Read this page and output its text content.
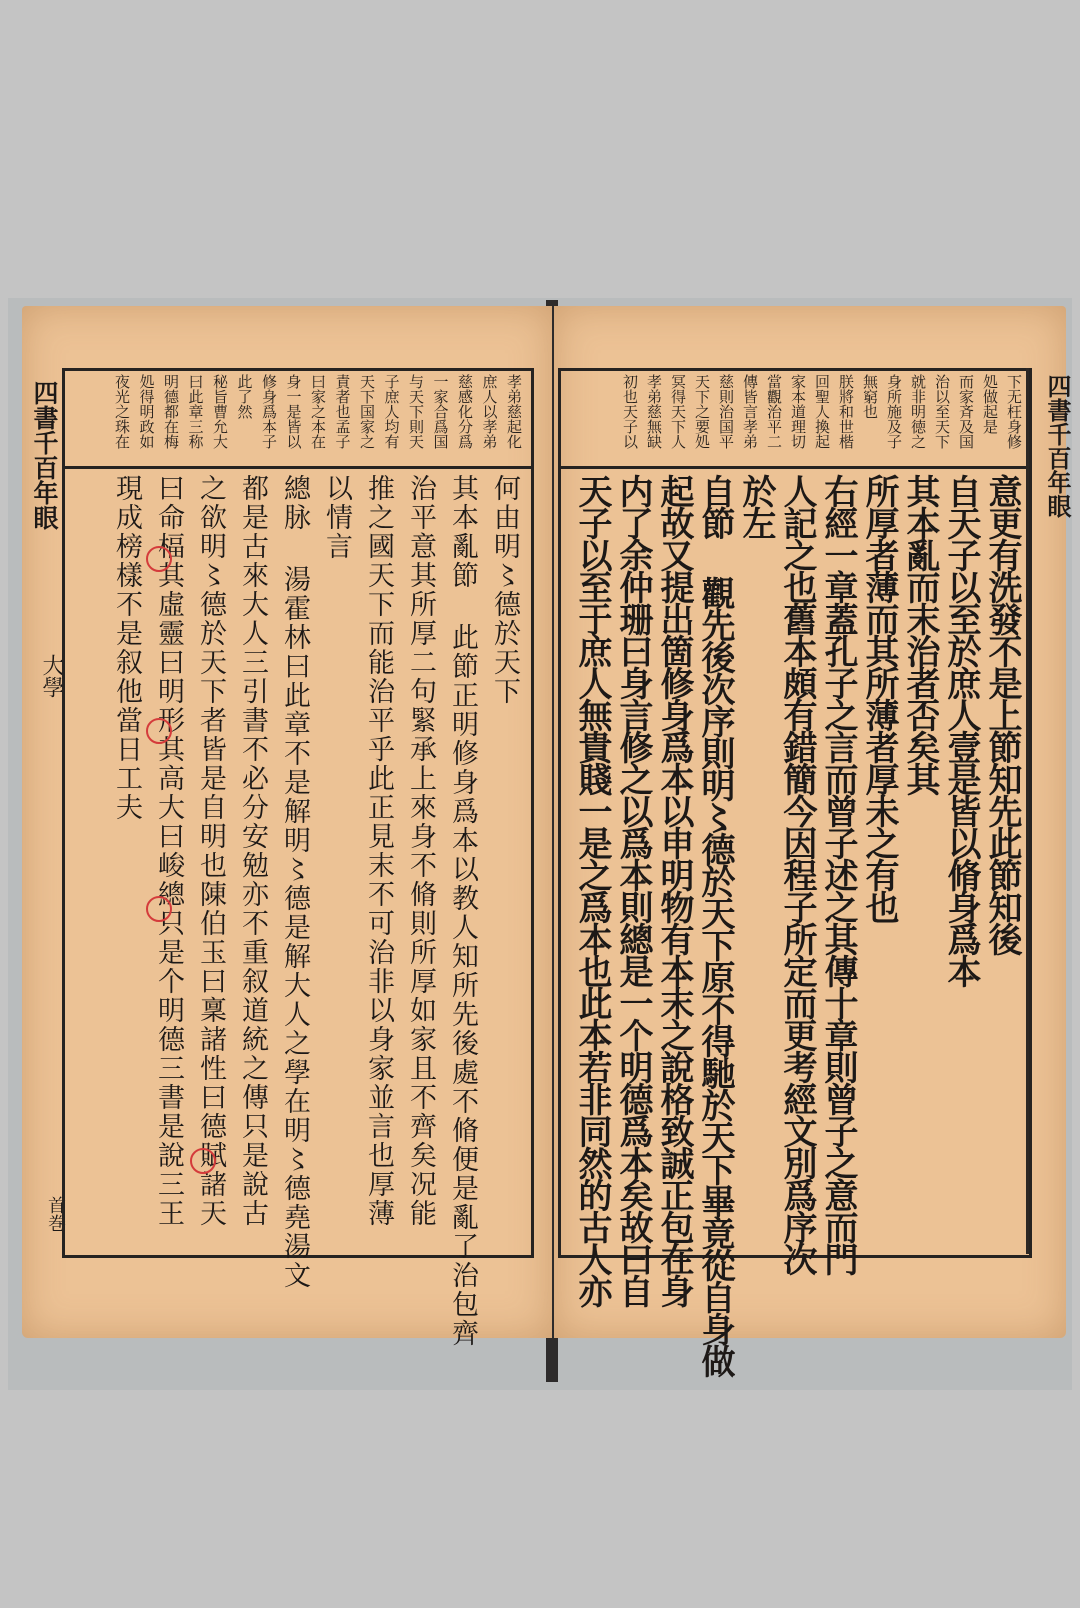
四書千百年眼
大學
首巻
孝弟慈起化
庶人以孝弟
慈感化分爲
一家合爲国
与天下則天
子庶人均有
天下国家之
責者也孟子
曰家之本在
身一是皆以
修身爲本子
此了然
秘旨曹允大
曰此章三称
明德都在梅
処得明政如
夜光之珠在
何由明〻德於天下
其本亂節 此節正明修身爲本以教人知所先後處不脩便是亂了治包齊
治平意其所厚二句緊承上來身不脩則所厚如家且不齊矣况能
推之國天下而能治平乎此正見末不可治非以身家並言也厚薄
以情言
總脉 湯霍林曰此章不是解明〻德是解大人之學在明〻德堯湯文
都是古來大人三引書不必分安勉亦不重叙道統之傳只是說古
之欲明〻德於天下者皆是自明也陳伯玉曰稟諸性曰德賦諸天
曰命楅其虛靈曰明形其高大曰峻總只是个明德三書是說三王
現成榜樣不是叙他當日工夫
下无枉身修
処做起是
而家斉及国
治以至天下
就非明徳之
身所施及子
無窮也
朕將和世楷
回聖人換起
家本道理切
當觀治平二
傳皆言孝弟
慈則治国平
天下之要処
冥得天下人
孝弟慈無缺
初也天子以
意更有洗發不是上節知先此節知後
自天子以至於庶人壹是皆以脩身爲本
其本亂而末治者否矣其
所厚者薄而其所薄者厚未之有也
右經一章蓋孔子之言而曾子述之其傳十章則曾子之意而門
人記之也舊本頗有錯簡今因程子所定而更考經文別爲序次
於左
自節 觀先後次序則明〻德於天下原不得馳於天下畢竟從自身做
起故又提出箇修身爲本以申明物有本末之說格致誠正包在身
内了余仲珊曰身言修之以爲本則總是一个明德爲本矣故曰自
天子以至于庶人無貴賤一是之爲本也此本若非同然的古人亦
四書千百年眼
